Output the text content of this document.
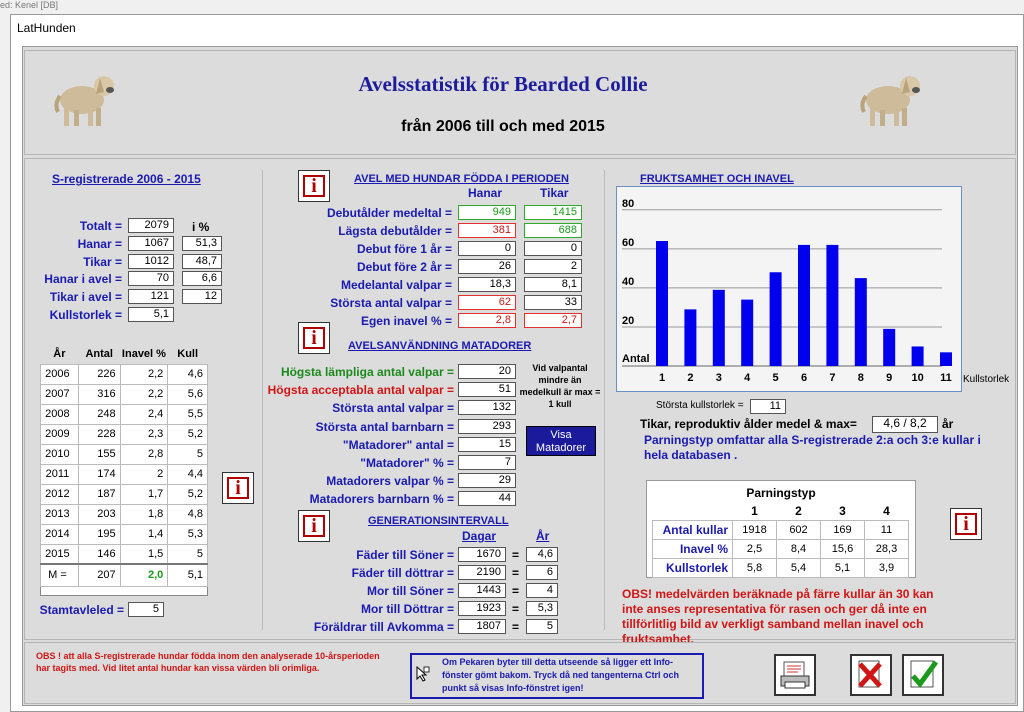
ed: Kenel [DB]
LatHunden
Avelsstatistik för Bearded Collie
från 2006 till och med 2015
S-registrerade 2006 - 2015
i %
Totalt =	2079
Hanar =	1067	51,3
Tikar =	1012	48,7
Hanar i avel =	70	6,6
Tikar i avel =	121	12
Kullstorlek =	5,1
År	Antal	Inavel %	Kull
2006	226	2,2	4,6
2007	316	2,2	5,6
2008	248	2,4	5,5
2009	228	2,3	5,2
2010	155	2,8	5
2011	174	2	4,4
2012	187	1,7	5,2
2013	203	1,8	4,8
2014	195	1,4	5,3
2015	146	1,5	5
M =	207	2,0	5,1
Stamtavleled =	5
i
i	AVEL MED HUNDAR FÖDDA I PERIODEN
Hanar	Tikar
Debutålder medeltal =	949	1415
Lägsta debutålder =	381	688
Debut före 1 år =	0	0
Debut före 2 år =	26	2
Medelantal valpar =	18,3	8,1
Största antal valpar =	62	33
Egen inavel % =	2,8	2,7
i	AVELSANVÄNDNING MATADORER
Vid valpantal mindre än medelkull är max = 1 kull
Visa Matadorer
Högsta lämpliga antal valpar =	20
Högsta acceptabla antal valpar =	51
Största antal valpar =	132
Största antal barnbarn =	293
"Matadorer" antal =	15
"Matadorer" % =	7
Matadorers valpar % =	29
Matadorers barnbarn % =	44
i	GENERATIONSINTERVALL
Dagar	År
Fäder till Söner =	1670 =	4,6
Fäder till döttrar =	2190 =	6
Mor till Söner =	1443 =	4
Mor till Döttrar =	1923 =	5,3
Föräldrar till Avkomma =	1807 =	5
FRUKTSAMHET OCH INAVEL
20
40
60
80
Antal
1 2 3 4 5 6 7 8 9 10 11 Kullstorlek
Största kullstorlek =	11
Tikar, reproduktiv ålder medel & max=	4,6 / 8,2	år
Parningstyp omfattar alla S-registrerade 2:a och 3:e kullar i hela databasen .
Parningstyp
	1	2	3	4
Antal kullar	1918	602	169	11
Inavel %	2,5	8,4	15,6	28,3
Kullstorlek	5,8	5,4	5,1	3,9
i
OBS! medelvärden beräknade på färre kullar än 30 kan inte anses representativa för rasen och ger då inte en tillförlitlig bild av verkligt samband mellan inavel och fruktsamhet.
OBS ! att alla S-registrerade hundar födda inom den analyserade 10-årsperioden har tagits med. Vid litet antal hundar kan vissa värden bli orimliga.
Om Pekaren byter till detta utseende så ligger ett Info-fönster gömt bakom. Tryck då ned tangenterna Ctrl och punkt så visas Info-fönstret igen!
